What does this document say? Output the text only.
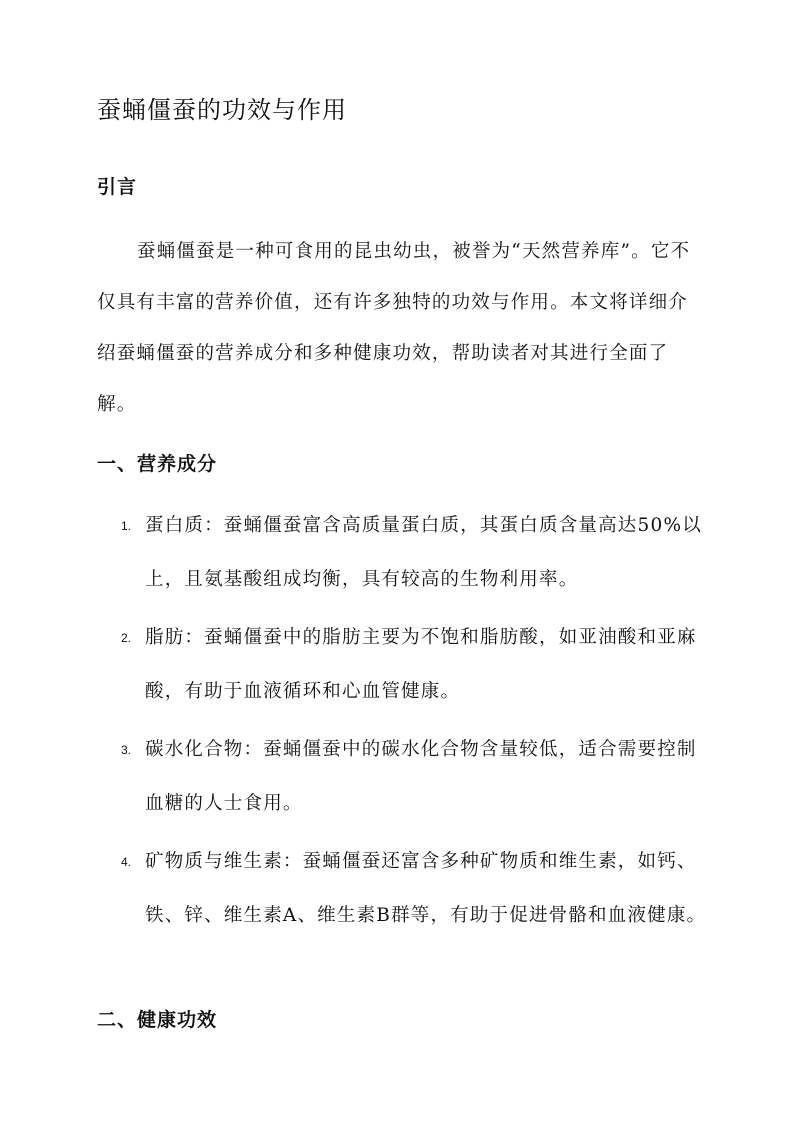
蚕蛹僵蚕的功效与作用
引言

蚕蛹僵蚕是一种可食用的昆虫幼虫，被誉为“天然营养库”。它不仅具有丰富的营养价值，还有许多独特的功效与作用。本文将详细介绍蚕蛹僵蚕的营养成分和多种健康功效，帮助读者对其进行全面了解。

一、营养成分
1. 蛋白质：蚕蛹僵蚕富含高质量蛋白质，其蛋白质含量高达50%以上，且氨基酸组成均衡，具有较高的生物利用率。
2. 脂肪：蚕蛹僵蚕中的脂肪主要为不饱和脂肪酸，如亚油酸和亚麻酸，有助于血液循环和心血管健康。
3. 碳水化合物：蚕蛹僵蚕中的碳水化合物含量较低，适合需要控制血糖的人士食用。
4. 矿物质与维生素：蚕蛹僵蚕还富含多种矿物质和维生素，如钙、铁、锌、维生素A、维生素B群等，有助于促进骨骼和血液健康。
二、健康功效
